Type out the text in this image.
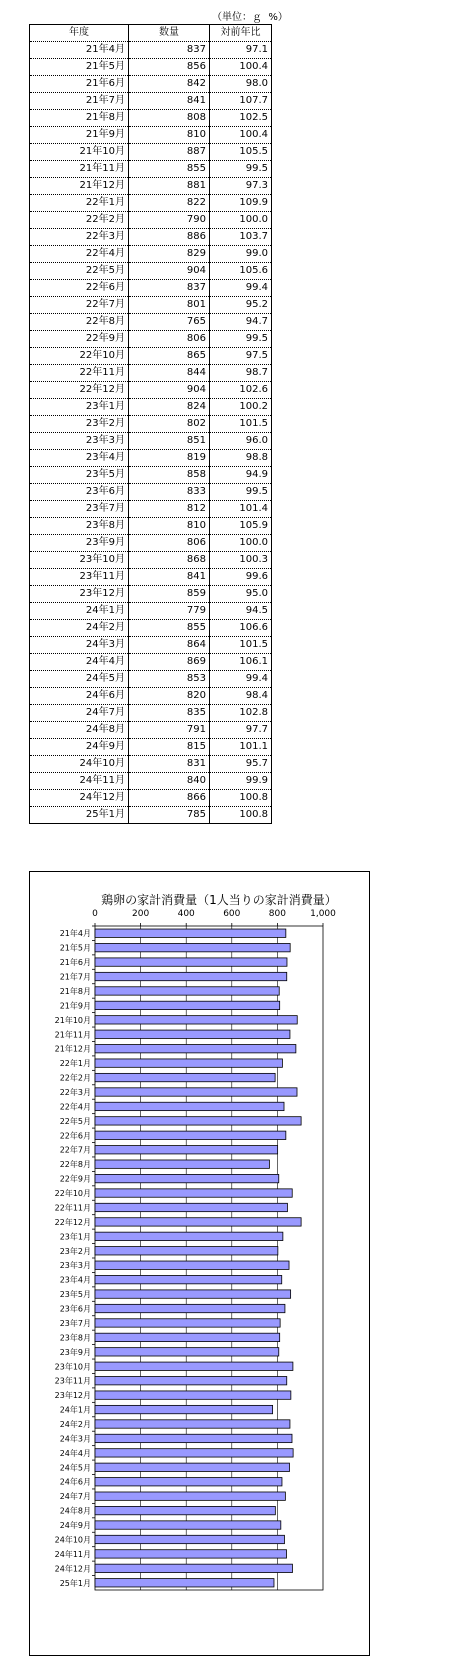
（単位：ｇ  %）
年度	数量	対前年比
21年4月	837	97.1
21年5月	856	100.4
21年6月	842	98.0
21年7月	841	107.7
21年8月	808	102.5
21年9月	810	100.4
21年10月	887	105.5
21年11月	855	99.5
21年12月	881	97.3
22年1月	822	109.9
22年2月	790	100.0
22年3月	886	103.7
22年4月	829	99.0
22年5月	904	105.6
22年6月	837	99.4
22年7月	801	95.2
22年8月	765	94.7
22年9月	806	99.5
22年10月	865	97.5
22年11月	844	98.7
22年12月	904	102.6
23年1月	824	100.2
23年2月	802	101.5
23年3月	851	96.0
23年4月	819	98.8
23年5月	858	94.9
23年6月	833	99.5
23年7月	812	101.4
23年8月	810	105.9
23年9月	806	100.0
23年10月	868	100.3
23年11月	841	99.6
23年12月	859	95.0
24年1月	779	94.5
24年2月	855	106.6
24年3月	864	101.5
24年4月	869	106.1
24年5月	853	99.4
24年6月	820	98.4
24年7月	835	102.8
24年8月	791	97.7
24年9月	815	101.1
24年10月	831	95.7
24年11月	840	99.9
24年12月	866	100.8
25年1月	785	100.8
鶏卵の家計消費量（1人当りの家計消費量）
0	200	400	600	800	1,000
21年4月
21年5月
21年6月
21年7月
21年8月
21年9月
21年10月
21年11月
21年12月
22年1月
22年2月
22年3月
22年4月
22年5月
22年6月
22年7月
22年8月
22年9月
22年10月
22年11月
22年12月
23年1月
23年2月
23年3月
23年4月
23年5月
23年6月
23年7月
23年8月
23年9月
23年10月
23年11月
23年12月
24年1月
24年2月
24年3月
24年4月
24年5月
24年6月
24年7月
24年8月
24年9月
24年10月
24年11月
24年12月
25年1月
